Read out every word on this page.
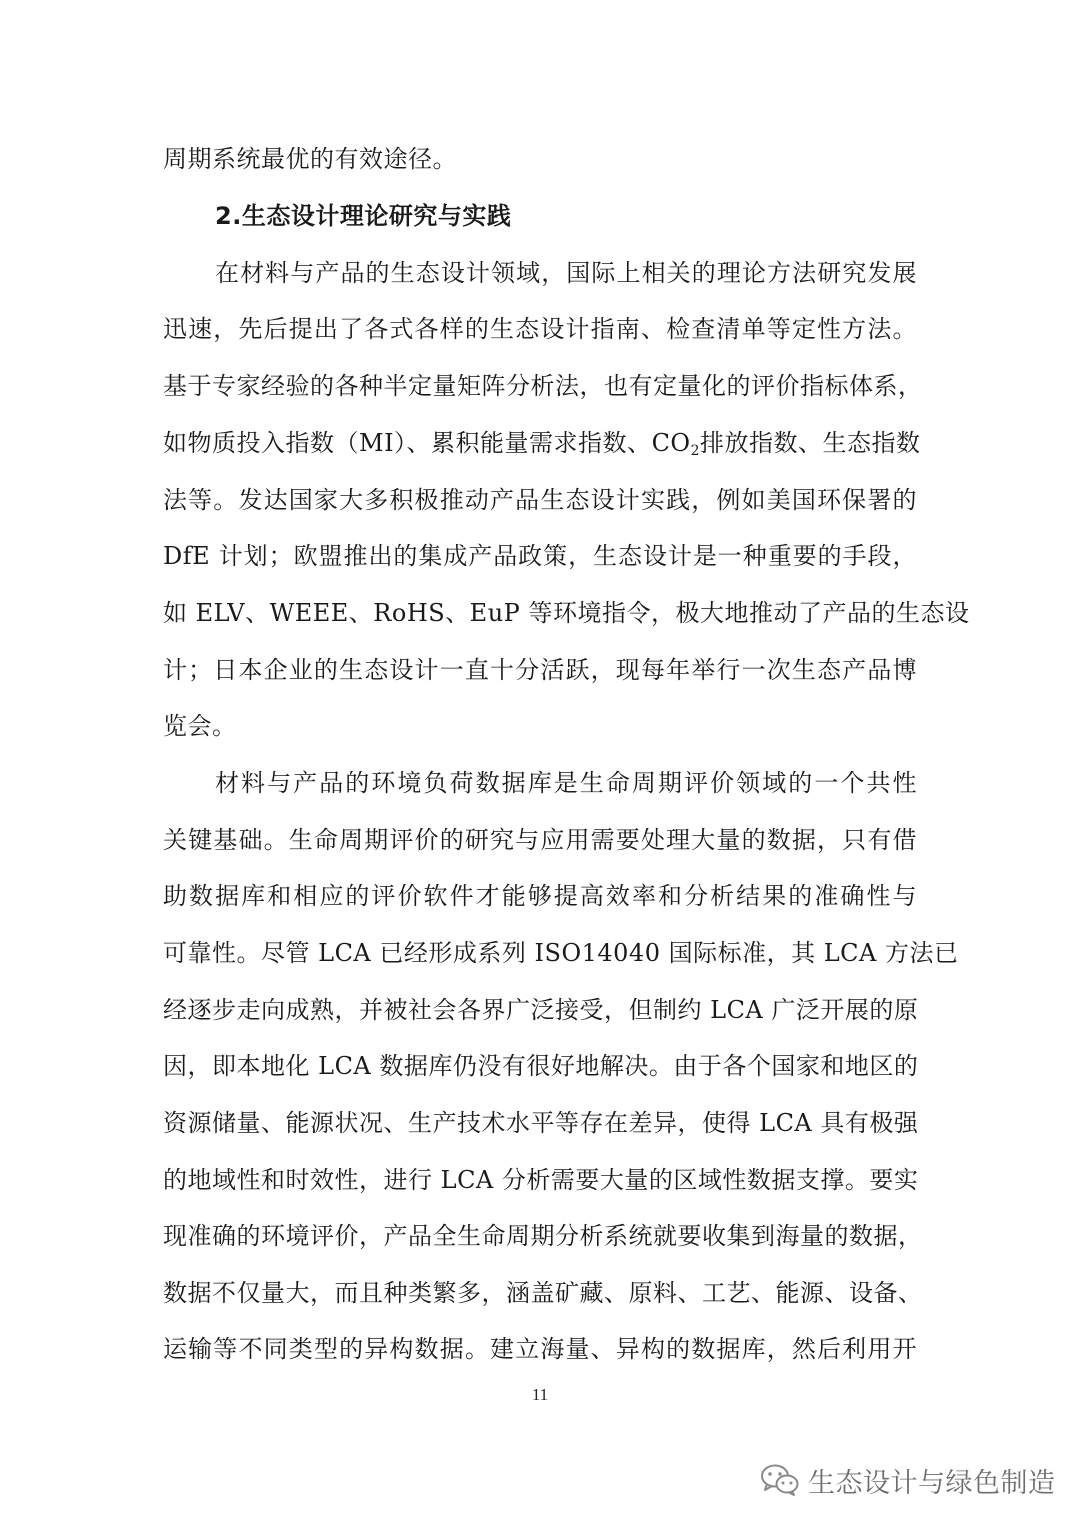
周期系统最优的有效途径。
2.生态设计理论研究与实践
在材料与产品的生态设计领域，国际上相关的理论方法研究发展
迅速，先后提出了各式各样的生态设计指南、检查清单等定性方法。
基于专家经验的各种半定量矩阵分析法，也有定量化的评价指标体系，
如物质投入指数（MI）、累积能量需求指数、$CO_2$排放指数、生态指数
法等。发达国家大多积极推动产品生态设计实践，例如美国环保署的
DfE 计划；欧盟推出的集成产品政策，生态设计是一种重要的手段，
如 ELV、WEEE、RoHS、EuP 等环境指令，极大地推动了产品的生态设
计；日本企业的生态设计一直十分活跃，现每年举行一次生态产品博
览会。
材料与产品的环境负荷数据库是生命周期评价领域的一个共性
关键基础。生命周期评价的研究与应用需要处理大量的数据，只有借
助数据库和相应的评价软件才能够提高效率和分析结果的准确性与
可靠性。尽管 LCA 已经形成系列 ISO14040 国际标准，其 LCA 方法已
经逐步走向成熟，并被社会各界广泛接受，但制约 LCA 广泛开展的原
因，即本地化 LCA 数据库仍没有很好地解决。由于各个国家和地区的
资源储量、能源状况、生产技术水平等存在差异，使得 LCA 具有极强
的地域性和时效性，进行 LCA 分析需要大量的区域性数据支撑。要实
现准确的环境评价，产品全生命周期分析系统就要收集到海量的数据，
数据不仅量大，而且种类繁多，涵盖矿藏、原料、工艺、能源、设备、
运输等不同类型的异构数据。建立海量、异构的数据库，然后利用开
11
生态设计与绿色制造
